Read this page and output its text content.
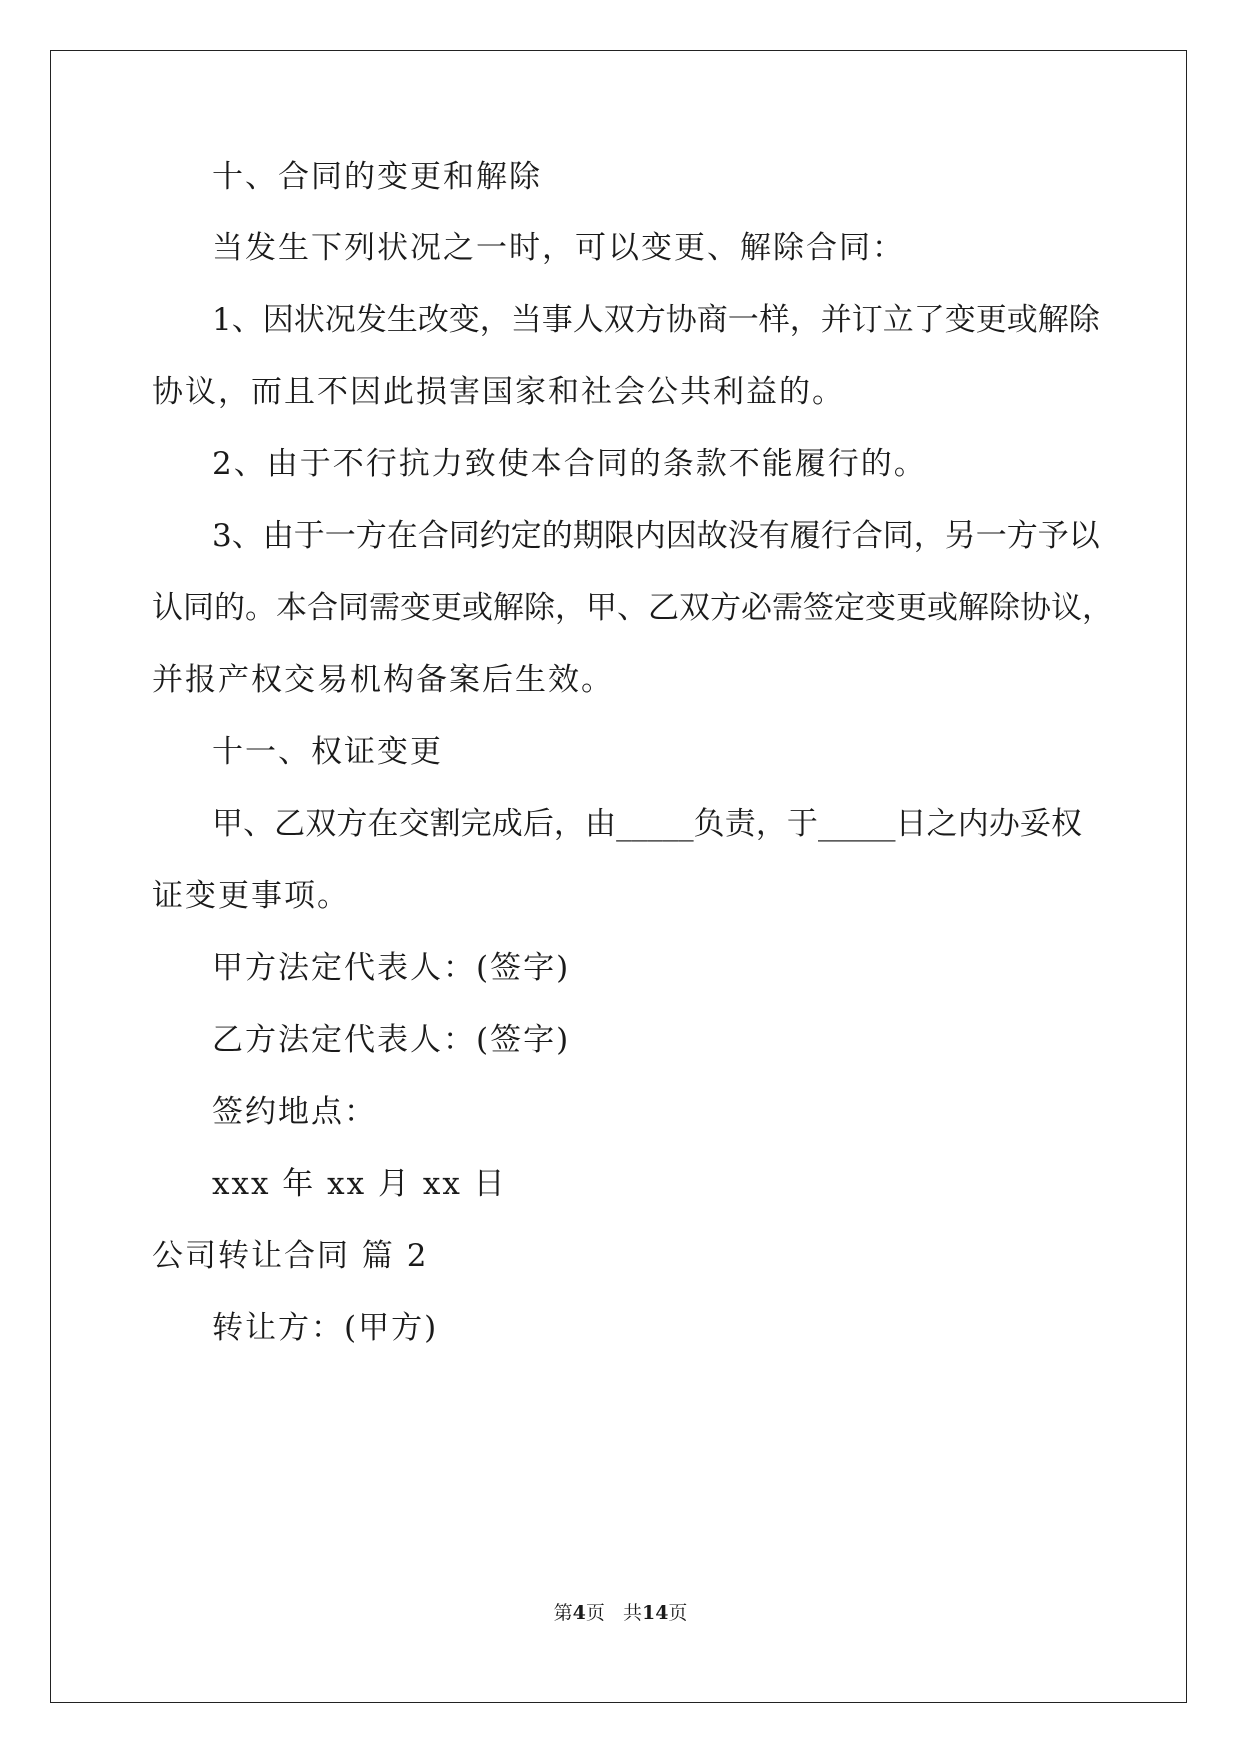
十、合同的变更和解除
当发生下列状况之一时，可以变更、解除合同：
1、因状况发生改变，当事人双方协商一样，并订立了变更或解除
协议，而且不因此损害国家和社会公共利益的。
2、由于不行抗力致使本合同的条款不能履行的。
3、由于一方在合同约定的期限内因故没有履行合同，另一方予以
认同的。本合同需变更或解除，甲、乙双方必需签定变更或解除协议，
并报产权交易机构备案后生效。
十一、权证变更
甲、乙双方在交割完成后，由_____负责，于_____日之内办妥权
证变更事项。
甲方法定代表人：(签字)
乙方法定代表人：(签字)
签约地点：
xxx 年 xx 月 xx 日
公司转让合同 篇 2
转让方：(甲方)
第4页 共14页
